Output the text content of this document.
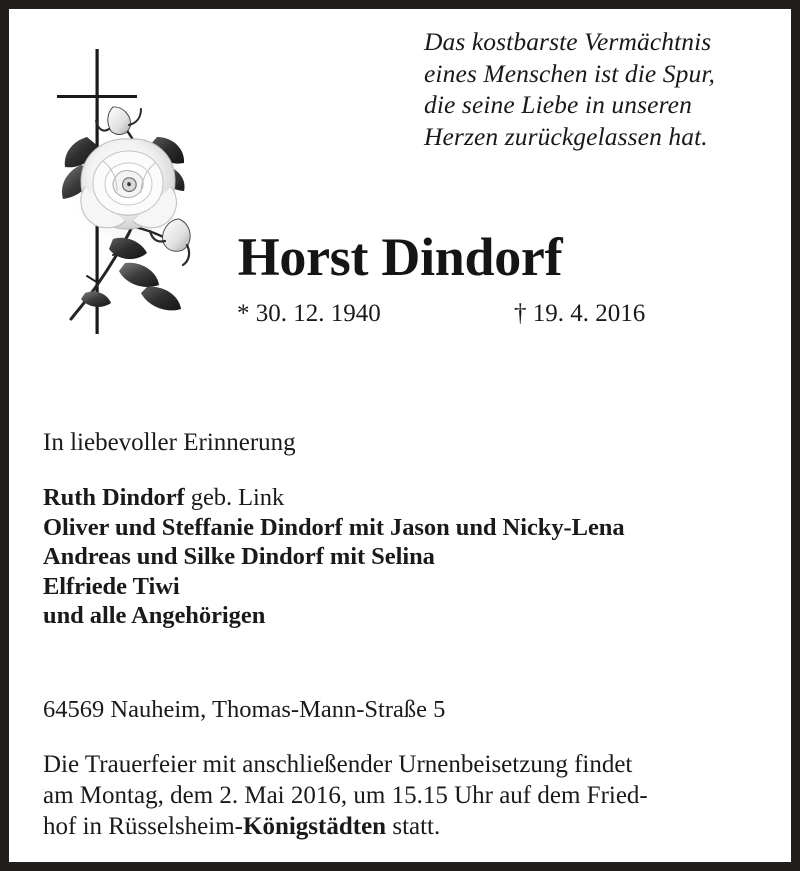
Das kostbarste Vermächtnis
eines Menschen ist die Spur,
die seine Liebe in unseren
Herzen zurückgelassen hat.
Horst Dindorf
* 30. 12. 1940	† 19. 4. 2016
In liebevoller Erinnerung
Ruth Dindorf geb. Link
Oliver und Steffanie Dindorf mit Jason und Nicky-Lena
Andreas und Silke Dindorf mit Selina
Elfriede Tiwi
und alle Angehörigen
64569 Nauheim, Thomas-Mann-Straße 5
Die Trauerfeier mit anschließender Urnenbeisetzung findet
am Montag, dem 2. Mai 2016, um 15.15 Uhr auf dem Fried-
hof in Rüsselsheim-Königstädten statt.
